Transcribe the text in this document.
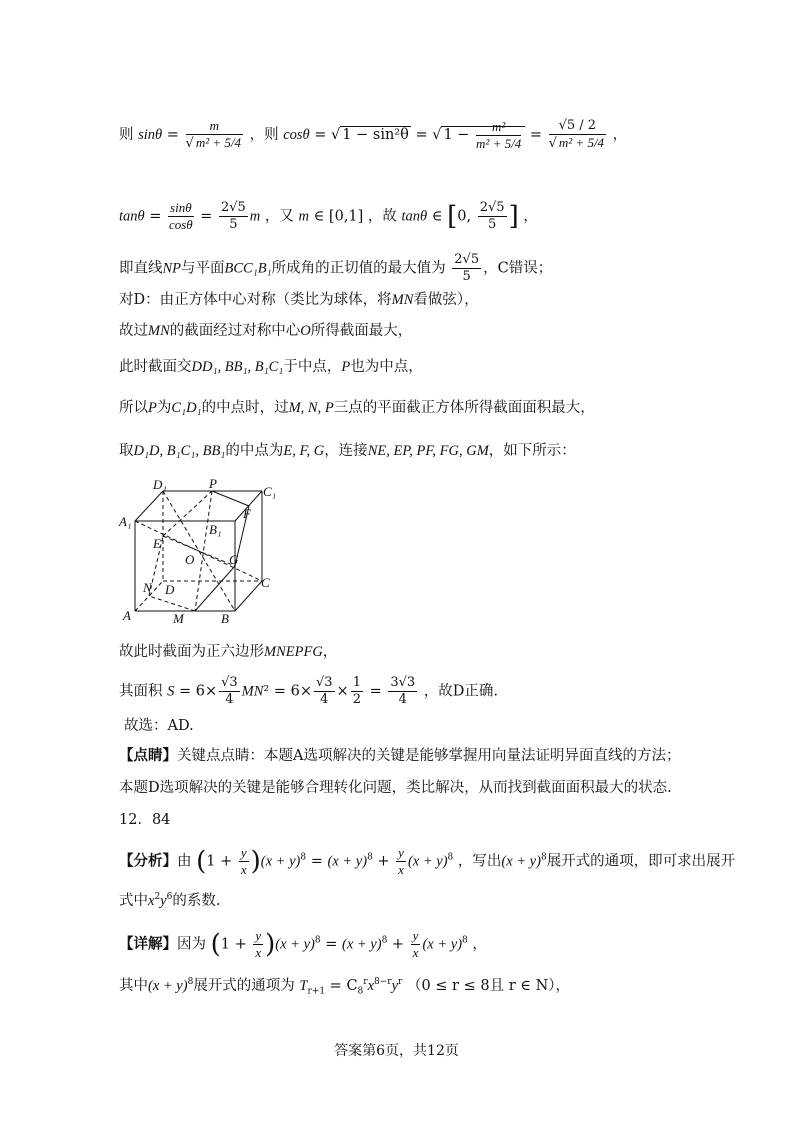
则 $\sin\theta = \frac{m}{\text{√ m² + 5/4}}$ ，则 cosθ = √ 1 − sin²θ = √ $1 - \frac{\text{m²}}{\text{m² + 5/4}} = \frac{√5 / 2}{\text{√ m² + 5/4}}$ ，
$\tan\theta = \frac{\sin\theta}{\cos\theta} = \frac{2√5}{5}$ m ，又 m ∈ [0,1] ，故 tanθ ∈ [0, $\frac{2√5}{5}$ ] ，
即直线NP与平面BCC₁B₁所成角的正切值的最大值为 $\frac{2√5}{5}$ ，C错误；
对D：由正方体中心对称（类比为球体，将MN看做弦），
故过MN的截面经过对称中心O所得截面最大，
此时截面交DD₁, BB₁, B₁C₁于中点，P也为中点，
所以P为C₁D₁的中点时，过M, N, P三点的平面截正方体所得截面面积最大，
取D₁D, B₁C₁, BB₁的中点为E, F, G，连接NE, EP, PF, FG, GM，如下所示：
D₁	P
C₁
A₁
F
B₁
E
O	G
N D	C
A	M	B
故此时截面为正六边形MNEPFG，
其面积 $S = 6\times \frac{√3}{4} MN^2 = 6\times \frac{√3}{4} \times \frac{1}{2} = \frac{3√3}{4}$ ，故D正确.
故选：AD.
【点睛】关键点点睛：本题A选项解决的关键是能够掌握用向量法证明异面直线的方法；
本题D选项解决的关键是能够合理转化问题，类比解决，从而找到截面面积最大的状态.
12．84
【分析】由 $(1 + \frac{y}{x} )(x + y)^8 = (x + y)^8 + \frac{y}{x} (x + y)^8$ ，写出$(x + y)^8$展开式的通项，即可求出展开
式中$x^2y^6$的系数.
【详解】因为 $(1 + \frac{y}{x} )(x + y)^8 = (x + y)^8 + \frac{y}{x} (x + y)^8$ ，
其中$(x + y)^8$展开式的通项为 $T_{r+1} = C_8^rx^{8-r}y^r$ （0 ≤ r ≤ 8且 r ∈ N），
答案第6页，共12页
